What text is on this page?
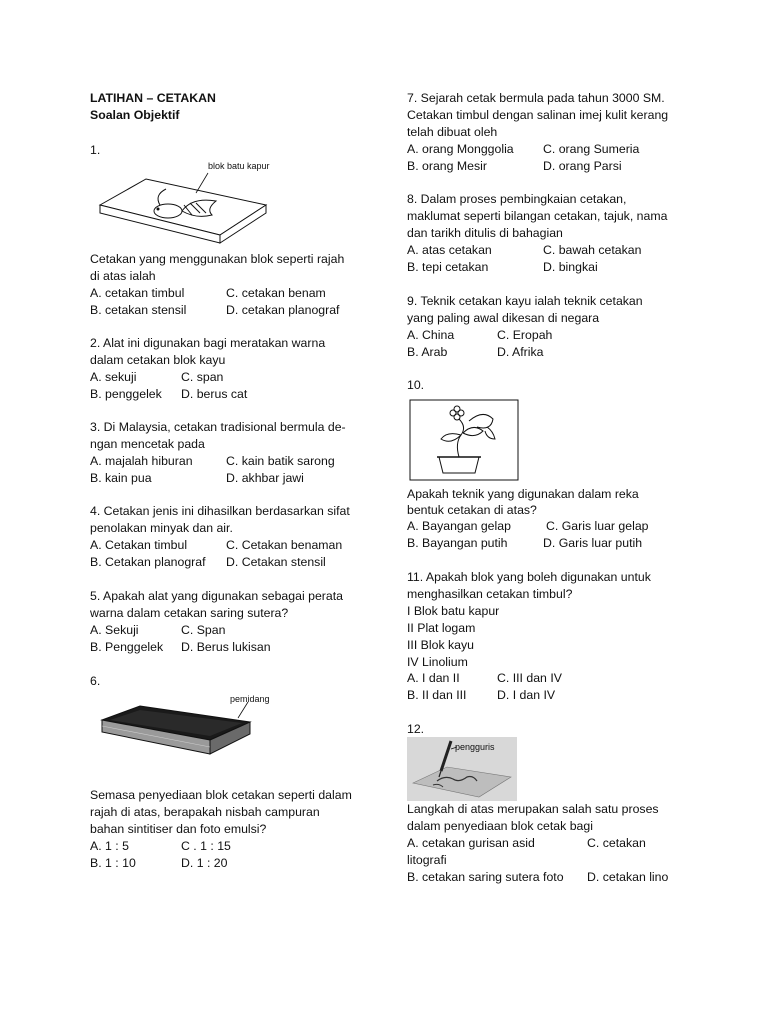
LATIHAN – CETAKAN
Soalan Objektif
1.
blok batu kapur
Cetakan yang menggunakan blok seperti rajah
di atas ialah
A. cetakan timbul	C. cetakan benam
B. cetakan stensil	D. cetakan planograf
2. Alat ini digunakan bagi meratakan warna
dalam cetakan blok kayu
A. sekuji	C. span
B. penggelek D. berus cat
3. Di Malaysia, cetakan tradisional bermula de-
ngan mencetak pada
A. majalah hiburan	C. kain batik sarong
B. kain pua	D. akhbar jawi
4. Cetakan jenis ini dihasilkan berdasarkan sifat
penolakan minyak dan air.
A. Cetakan timbul	C. Cetakan benaman
B. Cetakan planograf D. Cetakan stensil
5. Apakah alat yang digunakan sebagai perata
warna dalam cetakan saring sutera?
A. Sekuji	C. Span
B. Penggelek D. Berus lukisan
6.
pemidang
Semasa penyediaan blok cetakan seperti dalam
rajah di atas, berapakah nisbah campuran
bahan sintitiser dan foto emulsi?
A. 1 : 5	C . 1 : 15
B. 1 : 10	D. 1 : 20
7. Sejarah cetak bermula pada tahun 3000 SM.
Cetakan timbul dengan salinan imej kulit kerang
telah dibuat oleh
A. orang Monggolia C. orang Sumeria
B. orang Mesir	D. orang Parsi
8. Dalam proses pembingkaian cetakan,
maklumat seperti bilangan cetakan, tajuk, nama
dan tarikh ditulis di bahagian
A. atas cetakan	C. bawah cetakan
B. tepi cetakan	D. bingkai
9. Teknik cetakan kayu ialah teknik cetakan
yang paling awal dikesan di negara
A. China	C. Eropah
B. Arab	D. Afrika
10.
Apakah teknik yang digunakan dalam reka
bentuk cetakan di atas?
A. Bayangan gelap	C. Garis luar gelap
B. Bayangan putih	D. Garis luar putih
11. Apakah blok yang boleh digunakan untuk
menghasilkan cetakan timbul?
I Blok batu kapur
II Plat logam
III Blok kayu
IV Linolium
A. I dan II	C. III dan IV
B. II dan III D. I dan IV
12.
pengguris
Langkah di atas merupakan salah satu proses
dalam penyediaan blok cetak bagi
A. cetakan gurisan asid	C. cetakan
litografi
B. cetakan saring sutera foto D. cetakan lino
